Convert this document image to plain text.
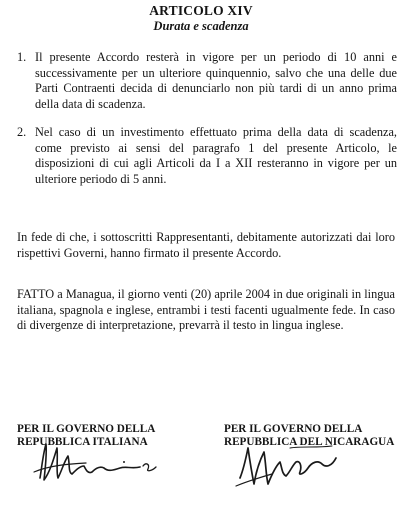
ARTICOLO XIV
Durata e scadenza
1. Il presente Accordo resterà in vigore per un periodo di 10 anni e successivamente per un ulteriore quinquennio, salvo che una delle due Parti Contraenti decida di denunciarlo non più tardi di un anno prima della data di scadenza.
2. Nel caso di un investimento effettuato prima della data di scadenza, come previsto ai sensi del paragrafo 1 del presente Articolo, le disposizioni di cui agli Articoli da I a XII resteranno in vigore per un ulteriore periodo di 5 anni.
In fede di che, i sottoscritti Rappresentanti, debitamente autorizzati dai loro rispettivi Governi, hanno firmato il presente Accordo.
FATTO a Managua, il giorno venti (20) aprile 2004 in due originali in lingua italiana, spagnola e inglese, entrambi i testi facenti ugualmente fede. In caso di divergenze di interpretazione, prevarrà il testo in lingua inglese.
PER IL GOVERNO DELLA
REPUBBLICA ITALIANA
PER IL GOVERNO DELLA
REPUBBLICA DEL NICARAGUA
